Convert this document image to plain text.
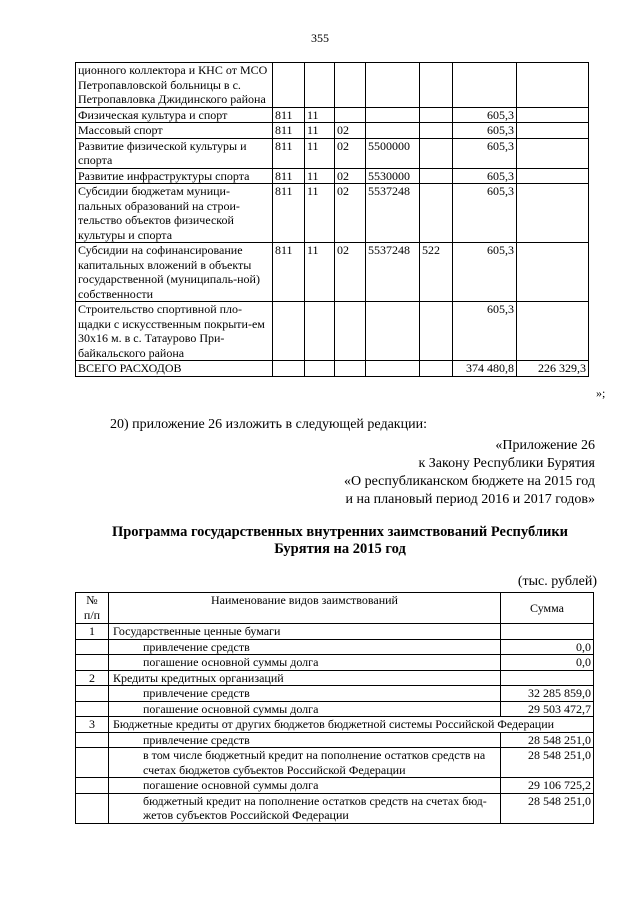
355
ционного коллектора и КНС от МСО Петропавловской больницы в с. Петропавловка Джидинского района							
Физическая культура и спорт	811	11				605,3	
Массовый спорт	811	11	02			605,3	
Развитие физической культуры и спорта	811	11	02	5500000		605,3	
Развитие инфраструктуры спорта	811	11	02	5530000		605,3	
Субсидии бюджетам муници-пальных образований на строи-тельство объектов физической культуры и спорта	811	11	02	5537248		605,3	
Субсидии на софинансирование капитальных вложений в объекты государственной (муниципаль-ной) собственности	811	11	02	5537248	522	605,3	
Строительство спортивной пло-щадки с искусственным покрыти-ем 30х16 м. в с. Татаурово При-байкальского района						605,3	
ВСЕГО РАСХОДОВ						374 480,8	226 329,3
»;
20) приложение 26 изложить в следующей редакции:
«Приложение 26
к Закону Республики Бурятия
«О республиканском бюджете на 2015 год
и на плановый период 2016 и 2017 годов»
Программа государственных внутренних заимствований Республики
Бурятия на 2015 год
(тыс. рублей)
№
п/п	Наименование видов заимствований	Сумма
1	Государственные ценные бумаги	
	привлечение средств	0,0
	погашение основной суммы долга	0,0
2	Кредиты кредитных организаций	
	привлечение средств	32 285 859,0
	погашение основной суммы долга	29 503 472,7
3	Бюджетные кредиты от других бюджетов бюджетной системы Российской Федерации	
	привлечение средств	28 548 251,0
	в том числе бюджетный кредит на пополнение остатков средств на счетах бюджетов субъектов Российской Федерации	28 548 251,0
	погашение основной суммы долга	29 106 725,2
	бюджетный кредит на пополнение остатков средств на счетах бюд-жетов субъектов Российской Федерации	28 548 251,0
